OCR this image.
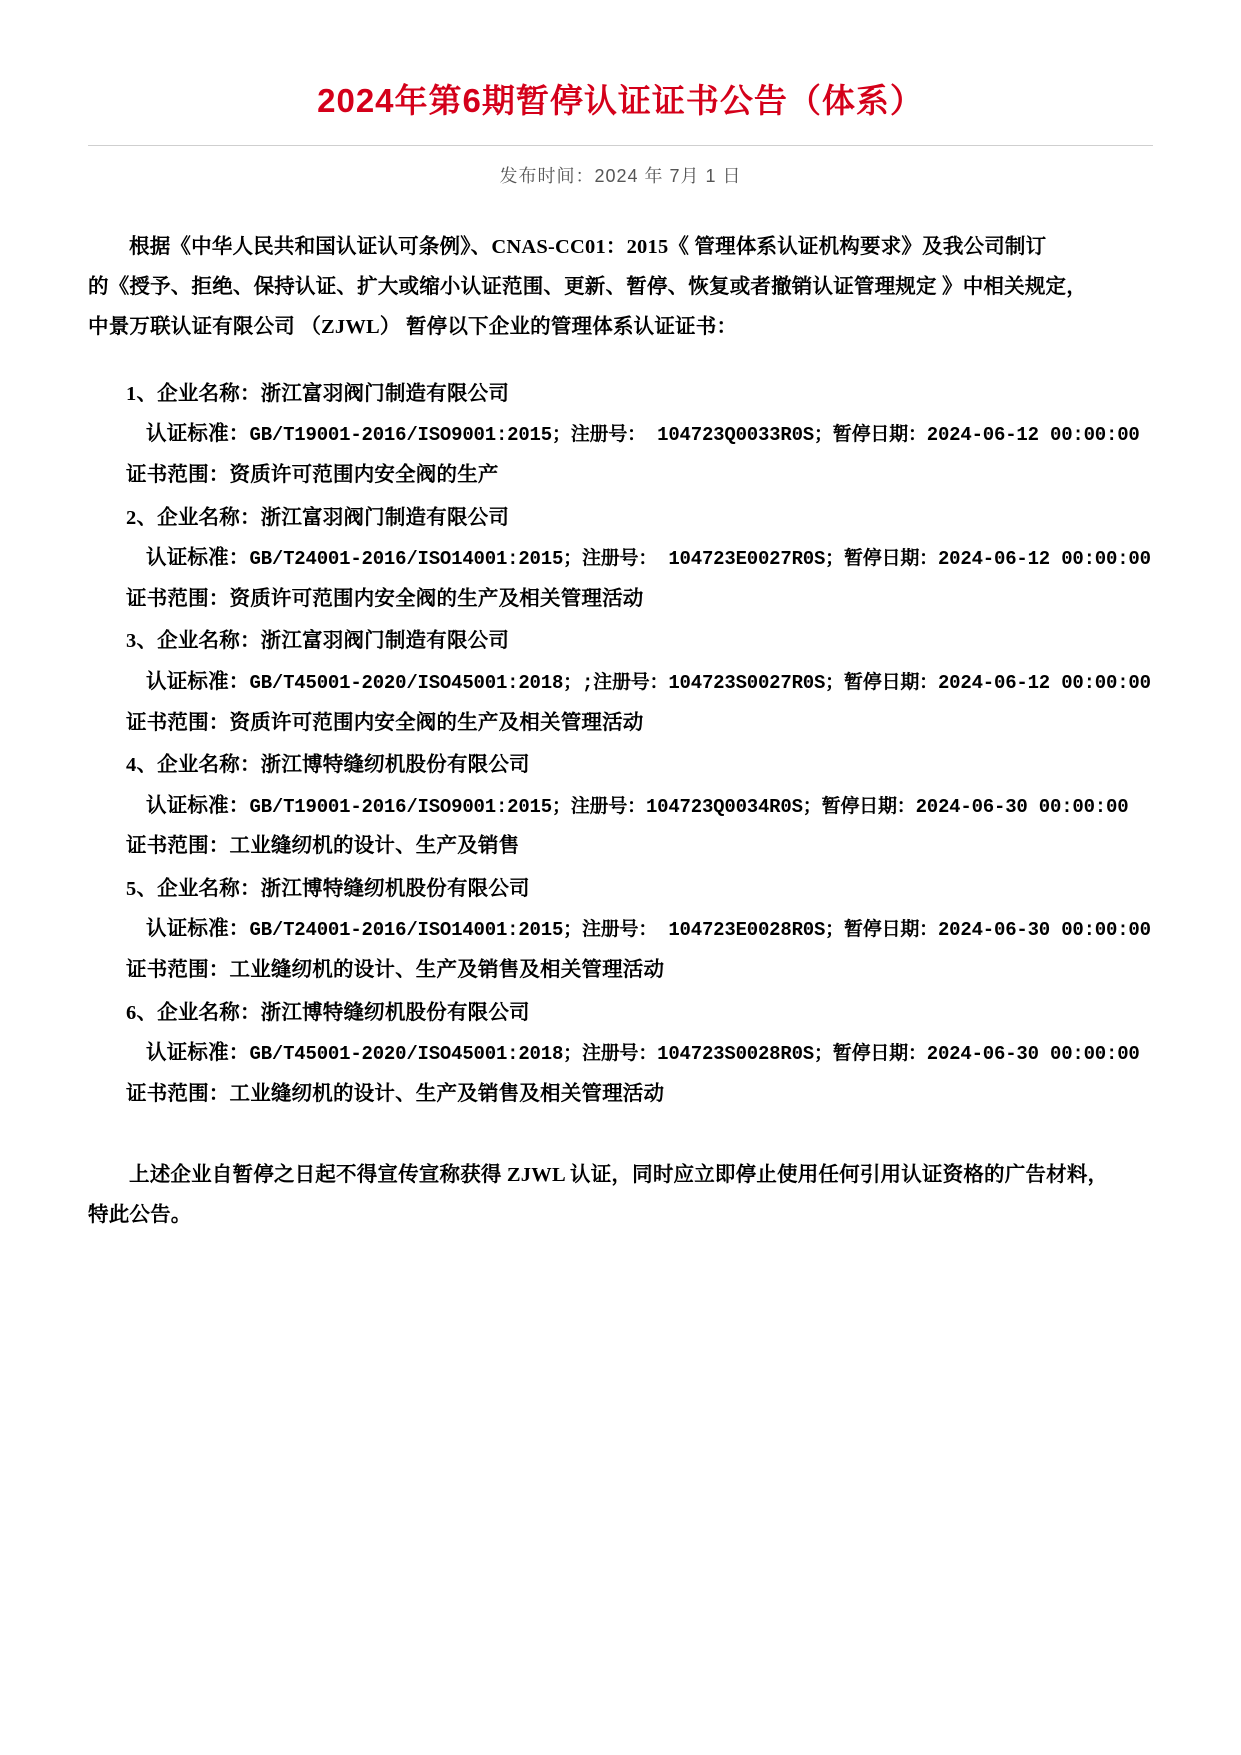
2024年第6期暂停认证证书公告（体系）
发布时间：2024 年 7月 1 日

根据《中华人民共和国认证认可条例》、CNAS-CC01：2015《 管理体系认证机构要求》及我公司制订

的《授予、拒绝、保持认证、扩大或缩小认证范围、更新、暂停、恢复或者撤销认证管理规定 》中相关规定，

中景万联认证有限公司 （ZJWL） 暂停以下企业的管理体系认证证书：

1、企业名称：浙江富羽阀门制造有限公司

认证标准：GB/T19001-2016/ISO9001:2015；注册号： 104723Q0033R0S；暂停日期：2024-06-12 00:00:00

证书范围：资质许可范围内安全阀的生产

2、企业名称：浙江富羽阀门制造有限公司

认证标准：GB/T24001-2016/ISO14001:2015；注册号： 104723E0027R0S；暂停日期：2024-06-12 00:00:00

证书范围：资质许可范围内安全阀的生产及相关管理活动

3、企业名称：浙江富羽阀门制造有限公司

认证标准：GB/T45001-2020/ISO45001:2018；;注册号：104723S0027R0S；暂停日期：2024-06-12 00:00:00

证书范围：资质许可范围内安全阀的生产及相关管理活动

4、企业名称：浙江博特缝纫机股份有限公司

认证标准：GB/T19001-2016/ISO9001:2015；注册号：104723Q0034R0S；暂停日期：2024-06-30 00:00:00

证书范围：工业缝纫机的设计、生产及销售

5、企业名称：浙江博特缝纫机股份有限公司

认证标准：GB/T24001-2016/ISO14001:2015；注册号： 104723E0028R0S；暂停日期：2024-06-30 00:00:00

证书范围：工业缝纫机的设计、生产及销售及相关管理活动

6、企业名称：浙江博特缝纫机股份有限公司

认证标准：GB/T45001-2020/ISO45001:2018；注册号：104723S0028R0S；暂停日期：2024-06-30 00:00:00

证书范围：工业缝纫机的设计、生产及销售及相关管理活动

上述企业自暂停之日起不得宣传宣称获得 ZJWL 认证，同时应立即停止使用任何引用认证资格的广告材料，

特此公告。
